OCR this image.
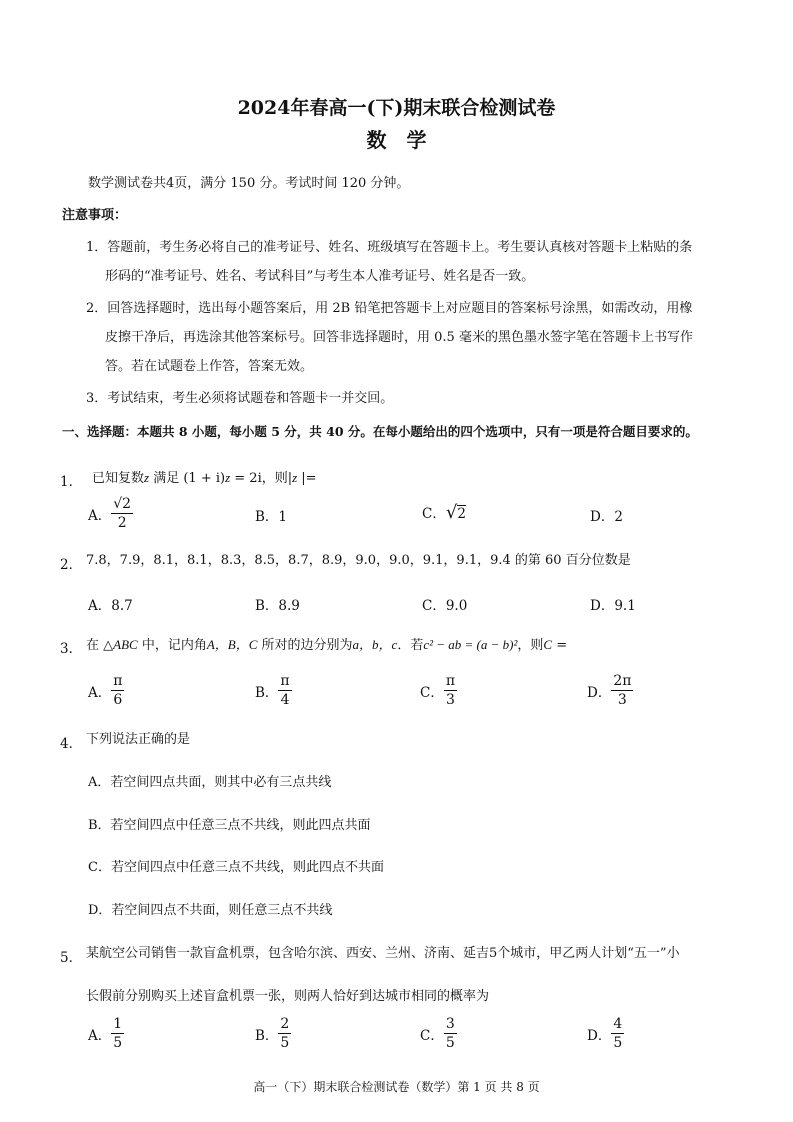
2024年春高一(下)期末联合检测试卷
数学
数学测试卷共4页，满分 150 分。考试时间 120 分钟。
注意事项：
1．答题前，考生务必将自己的准考证号、姓名、班级填写在答题卡上。考生要认真核对答题卡上粘贴的条
形码的“准考证号、姓名、考试科目”与考生本人准考证号、姓名是否一致。
2．回答选择题时，选出每小题答案后，用 2B 铅笔把答题卡上对应题目的答案标号涂黑，如需改动，用橡
皮擦干净后，再选涂其他答案标号。回答非选择题时，用 0.5 毫米的黑色墨水签字笔在答题卡上书写作
答。若在试题卷上作答，答案无效。
3．考试结束，考生必须将试题卷和答题卡一并交回。
一、选择题：本题共 8 小题，每小题 5 分，共 40 分。在每小题给出的四个选项中，只有一项是符合题目要求的。
1． 已知复数z 满足 (1 + i)z = 2i，则|z |=
A． $\frac{√2}{2}$	B．1	C．√2	D．2
2． 7.8，7.9，8.1，8.1，8.3，8.5，8.7，8.9，9.0，9.0，9.1，9.1，9.4 的第 60 百分位数是
A．8.7	B．8.9	C．9.0	D．9.1
3． 在 △ABC 中，记内角A，B，C 所对的边分别为a，b，c．若c² − ab = (a − b)²，则C =
A． $\frac{\pi}{6}$	B． $\frac{\pi}{4}$	C． $\frac{\pi}{3}$	D． $\frac{2\pi}{3}$
4． 下列说法正确的是
A．若空间四点共面，则其中必有三点共线
B．若空间四点中任意三点不共线，则此四点共面
C．若空间四点中任意三点不共线，则此四点不共面
D．若空间四点不共面，则任意三点不共线
5． 某航空公司销售一款盲盒机票，包含哈尔滨、西安、兰州、济南、延吉5个城市，甲乙两人计划“五一”小
长假前分别购买上述盲盒机票一张，则两人恰好到达城市相同的概率为
A． $\frac{1}{5}$	B． $\frac{2}{5}$	C． $\frac{3}{5}$	D． $\frac{4}{5}$
高一（下）期末联合检测试卷（数学）第 1 页 共 8 页
